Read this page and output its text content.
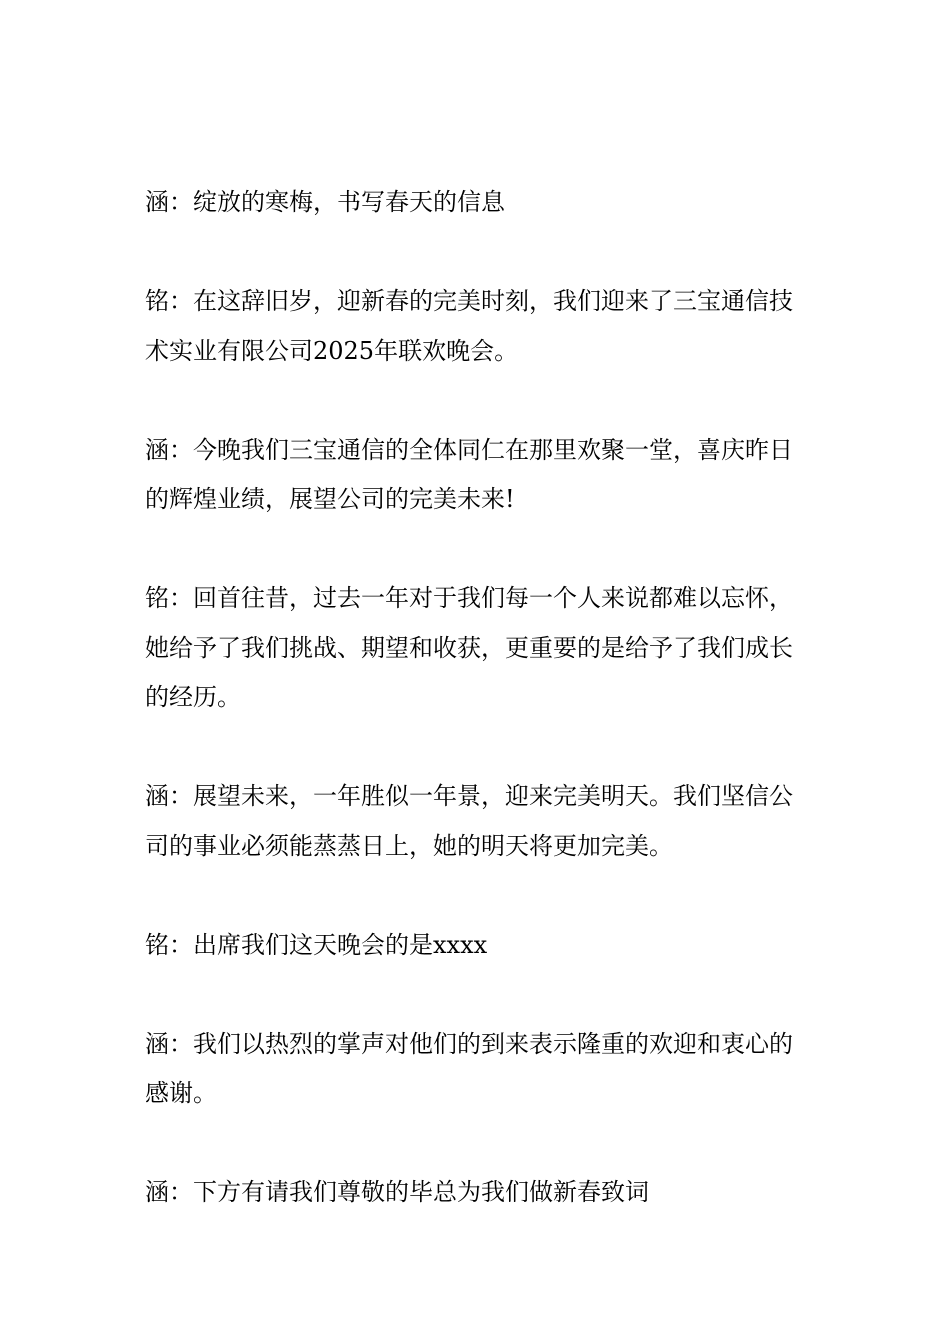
涵：绽放的寒梅，书写春天的信息

铭：在这辞旧岁，迎新春的完美时刻，我们迎来了三宝通信技术实业有限公司2025年联欢晚会。

涵：今晚我们三宝通信的全体同仁在那里欢聚一堂，喜庆昨日的辉煌业绩，展望公司的完美未来!

铭：回首往昔，过去一年对于我们每一个人来说都难以忘怀，她给予了我们挑战、期望和收获，更重要的是给予了我们成长的经历。

涵：展望未来，一年胜似一年景，迎来完美明天。我们坚信公司的事业必须能蒸蒸日上，她的明天将更加完美。

铭：出席我们这天晚会的是xxxx

涵：我们以热烈的掌声对他们的到来表示隆重的欢迎和衷心的感谢。

涵：下方有请我们尊敬的毕总为我们做新春致词
